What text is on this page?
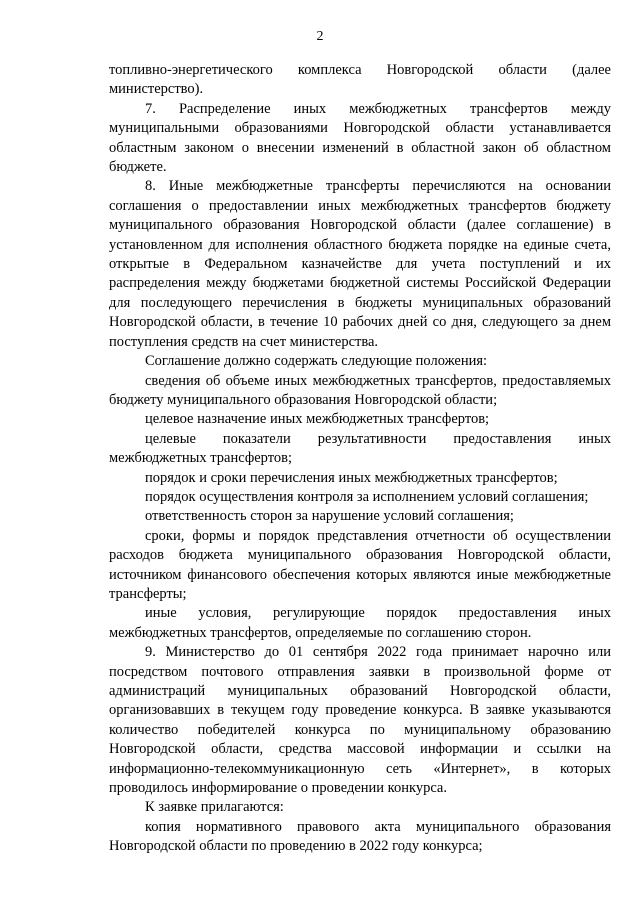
2

топливно-энергетического комплекса Новгородской области (далее министерство).

7. Распределение иных межбюджетных трансфертов между муниципальными образованиями Новгородской области устанавливается областным законом о внесении изменений в областной закон об областном бюджете.

8. Иные межбюджетные трансферты перечисляются на основании соглашения о предоставлении иных межбюджетных трансфертов бюджету муниципального образования Новгородской области (далее соглашение) в установленном для исполнения областного бюджета порядке на единые счета, открытые в Федеральном казначействе для учета поступлений и их распределения между бюджетами бюджетной системы Российской Федерации для последующего перечисления в бюджеты муниципальных образований Новгородской области, в течение 10 рабочих дней со дня, следующего за днем поступления средств на счет министерства.

Соглашение должно содержать следующие положения:

сведения об объеме иных межбюджетных трансфертов, предоставляемых бюджету муниципального образования Новгородской области;

целевое назначение иных межбюджетных трансфертов;

целевые показатели результативности предоставления иных межбюджетных трансфертов;

порядок и сроки перечисления иных межбюджетных трансфертов;

порядок осуществления контроля за исполнением условий соглашения;

ответственность сторон за нарушение условий соглашения;

сроки, формы и порядок представления отчетности об осуществлении расходов бюджета муниципального образования Новгородской области, источником финансового обеспечения которых являются иные межбюджетные трансферты;

иные условия, регулирующие порядок предоставления иных межбюджетных трансфертов, определяемые по соглашению сторон.

9. Министерство до 01 сентября 2022 года принимает нарочно или посредством почтового отправления заявки в произвольной форме от администраций муниципальных образований Новгородской области, организовавших в текущем году проведение конкурса. В заявке указываются количество победителей конкурса по муниципальному образованию Новгородской области, средства массовой информации и ссылки на информационно-телекоммуникационную сеть «Интернет», в которых проводилось информирование о проведении конкурса.

К заявке прилагаются:

копия нормативного правового акта муниципального образования Новгородской области по проведению в 2022 году конкурса;
